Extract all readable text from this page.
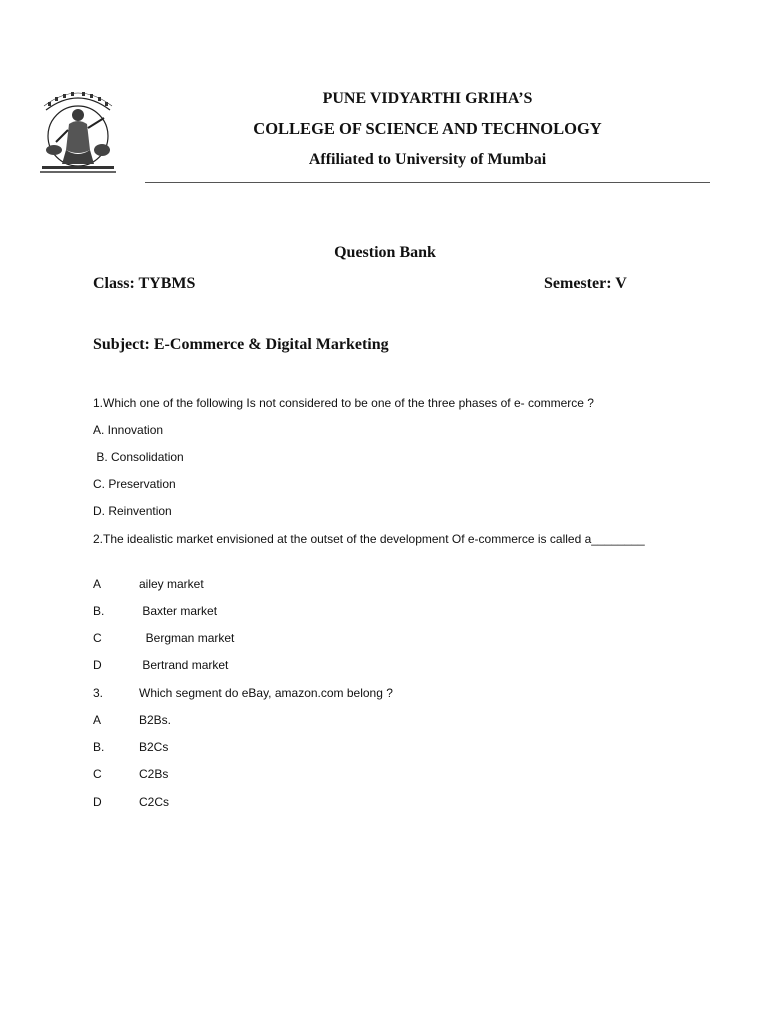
PUNE VIDYARTHI GRIHA’S
COLLEGE OF SCIENCE AND TECHNOLOGY
Affiliated to University of Mumbai
Question Bank
Class: TYBMS	Semester: V
Subject: E-Commerce & Digital Marketing
1.Which one of the following Is not considered to be one of the three phases of e- commerce ?
A. Innovation
B. Consolidation
C. Preservation
D. Reinvention
2.The idealistic market envisioned at the outset of the development Of e-commerce is called a________
A	ailey market
B.	Baxter market
C	Bergman market
D	Bertrand market
3.	Which segment do eBay, amazon.com belong ?
A	B2Bs.
B.	B2Cs
C	C2Bs
D	C2Cs
